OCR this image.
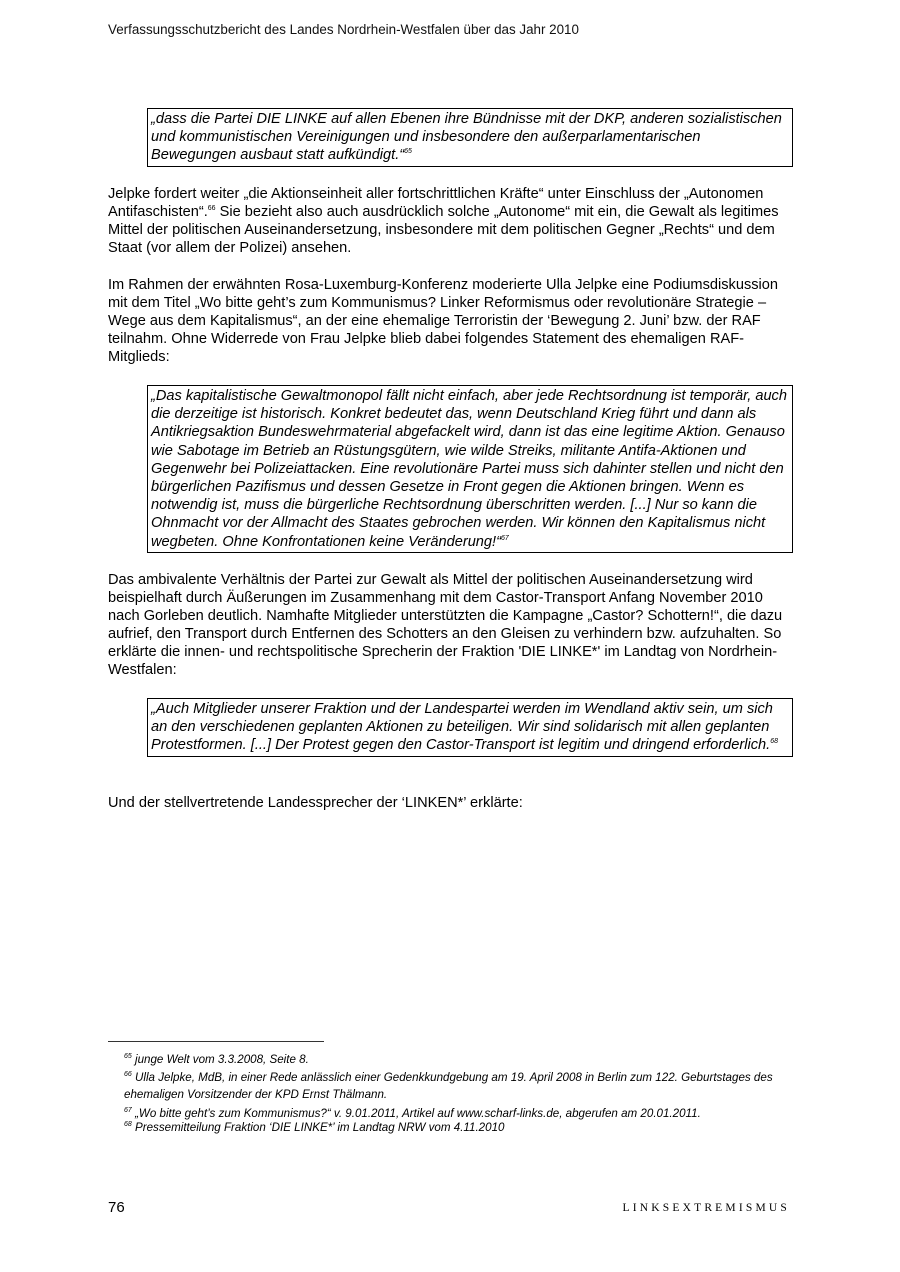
Verfassungsschutzbericht des Landes Nordrhein-Westfalen über das Jahr 2010

„dass die Partei DIE LINKE auf allen Ebenen ihre Bündnisse mit der DKP, anderen sozialistischen und kommunistischen Vereinigungen und insbesondere den außerparlamentarischen Bewegungen ausbaut statt aufkündigt.“$^{65}$

Jelpke fordert weiter „die Aktionseinheit aller fortschrittlichen Kräfte“ unter Einschluss der „Autonomen Antifaschisten“.$^{66}$ Sie bezieht also auch ausdrücklich solche „Autonome“ mit ein, die Gewalt als legitimes Mittel der politischen Auseinandersetzung, insbesondere mit dem politischen Gegner „Rechts“ und dem Staat (vor allem der Polizei) ansehen.

Im Rahmen der erwähnten Rosa-Luxemburg-Konferenz moderierte Ulla Jelpke eine Podiumsdiskussion mit dem Titel „Wo bitte geht’s zum Kommunismus? Linker Reformismus oder revolutionäre Strategie – Wege aus dem Kapitalismus“, an der eine ehemalige Terroristin der ‘Bewegung 2. Juni’ bzw. der RAF teilnahm. Ohne Widerrede von Frau Jelpke blieb dabei folgendes Statement des ehemaligen RAF-Mitglieds:

„Das kapitalistische Gewaltmonopol fällt nicht einfach, aber jede Rechtsordnung ist temporär, auch die derzeitige ist historisch. Konkret bedeutet das, wenn Deutschland Krieg führt und dann als Antikriegsaktion Bundeswehrmaterial abgefackelt wird, dann ist das eine legitime Aktion. Genauso wie Sabotage im Betrieb an Rüstungsgütern, wie wilde Streiks, militante Antifa-Aktionen und Gegenwehr bei Polizeiattacken. Eine revolutionäre Partei muss sich dahinter stellen und nicht den bürgerlichen Pazifismus und dessen Gesetze in Front gegen die Aktionen bringen. Wenn es notwendig ist, muss die bürgerliche Rechtsordnung überschritten werden. [...] Nur so kann die Ohnmacht vor der Allmacht des Staates gebrochen werden. Wir können den Kapitalismus nicht wegbeten. Ohne Konfrontationen keine Veränderung!“$^{67}$

Das ambivalente Verhältnis der Partei zur Gewalt als Mittel der politischen Auseinandersetzung wird beispielhaft durch Äußerungen im Zusammenhang mit dem Castor-Transport Anfang November 2010 nach Gorleben deutlich. Namhafte Mitglieder unterstützten die Kampagne „Castor? Schottern!“, die dazu aufrief, den Transport durch Entfernen des Schotters an den Gleisen zu verhindern bzw. aufzuhalten. So erklärte die innen- und rechtspolitische Sprecherin der Fraktion 'DIE LINKE*' im Landtag von Nordrhein-Westfalen:

„Auch Mitglieder unserer Fraktion und der Landespartei werden im Wendland aktiv sein, um sich an den verschiedenen geplanten Aktionen zu beteiligen. Wir sind solidarisch mit allen geplanten Protestformen. [...] Der Protest gegen den Castor-Transport ist legitim und dringend erforderlich.$^{68}$

Und der stellvertretende Landessprecher der ‘LINKEN*’ erklärte:

$^{65}$ junge Welt vom 3.3.2008, Seite 8.

$^{66}$ Ulla Jelpke, MdB, in einer Rede anlässlich einer Gedenkkundgebung am 19. April 2008 in Berlin zum 122. Geburtstages des ehemaligen Vorsitzender der KPD Ernst Thälmann.

$^{67}$ „Wo bitte geht’s zum Kommunismus?“ v. 9.01.2011, Artikel auf www.scharf-links.de, abgerufen am 20.01.2011.

$^{68}$ Pressemitteilung Fraktion ‘DIE LINKE*’ im Landtag NRW vom 4.11.2010

76	LINKSEXTREMISMUS
